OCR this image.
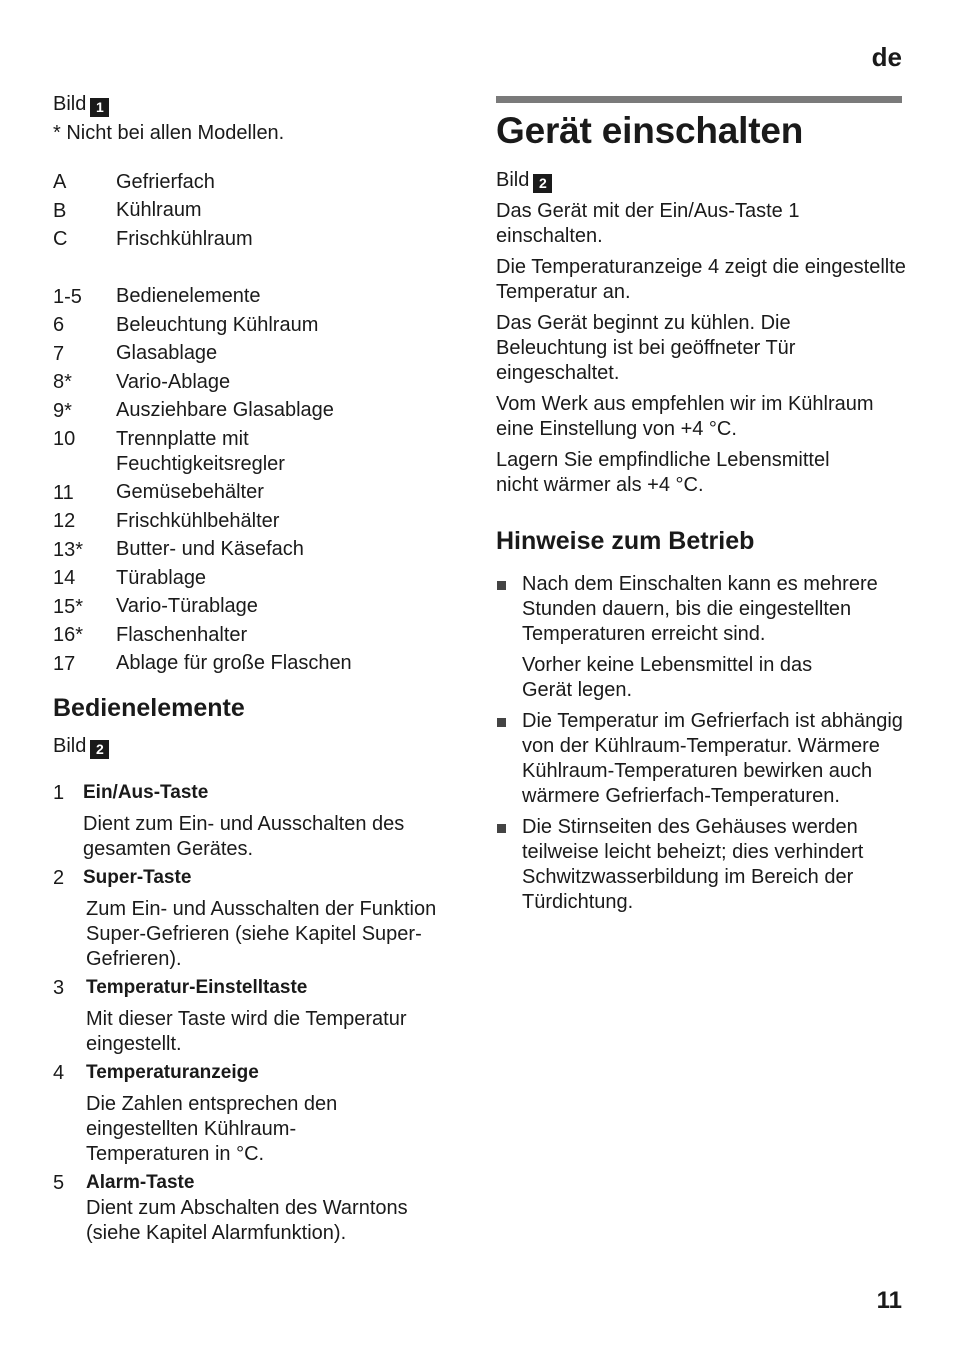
de
11
Bild 1
* Nicht bei allen Modellen.
A	Gefrierfach
B	Kühlraum
C	Frischkühlraum
1-5	Bedienelemente
6	Beleuchtung Kühlraum
7	Glasablage
8*	Vario-Ablage
9*	Ausziehbare Glasablage
10	Trennplatte mit Feuchtigkeitsregler
11	Gemüsebehälter
12	Frischkühlbehälter
13*	Butter- und Käsefach
14	Türablage
15*	Vario-Türablage
16*	Flaschenhalter
17	Ablage für große Flaschen
Bedienelemente
Bild 2
1 Ein/Aus-Taste
Dient zum Ein- und Ausschalten des gesamten Gerätes.
2 Super-Taste
Zum Ein- und Ausschalten der Funktion Super-Gefrieren (siehe Kapitel Super-Gefrieren).
3	Temperatur-Einstelltaste
Mit dieser Taste wird die Temperatur eingestellt.
4	Temperaturanzeige
Die Zahlen entsprechen den eingestellten Kühlraum-Temperaturen in °C.
5	Alarm-Taste
Dient zum Abschalten des Warntons (siehe Kapitel Alarmfunktion).
Gerät einschalten
Bild 2

Das Gerät mit der Ein/Aus-Taste 1 einschalten.

Die Temperaturanzeige 4 zeigt die eingestellte Temperatur an.

Das Gerät beginnt zu kühlen. Die Beleuchtung ist bei geöffneter Tür eingeschaltet.

Vom Werk aus empfehlen wir im Kühlraum eine Einstellung von +4 °C.

Lagern Sie empfindliche Lebensmittel nicht wärmer als +4 °C.

Hinweise zum Betrieb

Nach dem Einschalten kann es mehrere Stunden dauern, bis die eingestellten Temperaturen erreicht sind.

Vorher keine Lebensmittel in das Gerät legen.

Die Temperatur im Gefrierfach ist abhängig von der Kühlraum-Temperatur. Wärmere Kühlraum-Temperaturen bewirken auch wärmere Gefrierfach-Temperaturen.

Die Stirnseiten des Gehäuses werden teilweise leicht beheizt; dies verhindert Schwitzwasserbildung im Bereich der Türdichtung.
